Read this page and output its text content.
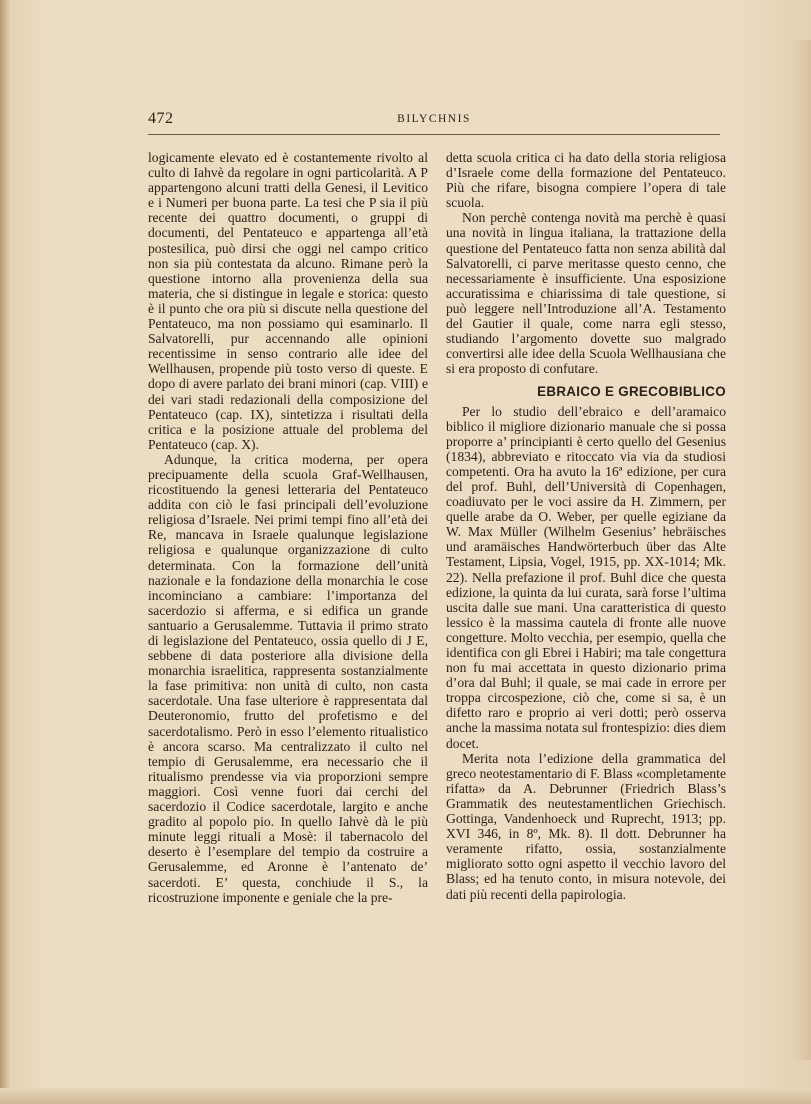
472	BILYCHNIS

logicamente elevato ed è costantemente rivolto al culto di Iahvè da regolare in ogni particolarità. A P appartengono alcuni tratti della Genesi, il Levitico e i Numeri per buona parte. La tesi che P sia il più recente dei quattro documenti, o gruppi di documenti, del Pentateuco e appartenga all’età postesilica, può dirsi che oggi nel campo critico non sia più contestata da alcuno. Rimane però la questione intorno alla provenienza della sua materia, che si distingue in legale e storica: questo è il punto che ora più si discute nella questione del Pentateuco, ma non possiamo qui esaminarlo. Il Salvatorelli, pur accennando alle opinioni recentissime in senso contrario alle idee del Wellhausen, propende più tosto verso di queste. E dopo di avere parlato dei brani minori (cap. VIII) e dei vari stadi redazionali della composizione del Pentateuco (cap. IX), sintetizza i risultati della critica e la posizione attuale del problema del Pentateuco (cap. X).

Adunque, la critica moderna, per opera precipuamente della scuola Graf-Wellhausen, ricostituendo la genesi letteraria del Pentateuco addita con ciò le fasi principali dell’evoluzione religiosa d’Israele. Nei primi tempi fino all’età dei Re, mancava in Israele qualunque legislazione religiosa e qualunque organizzazione di culto determinata. Con la formazione dell’unità nazionale e la fondazione della monarchia le cose incominciano a cambiare: l’importanza del sacerdozio si afferma, e si edifica un grande santuario a Gerusalemme. Tuttavia il primo strato di legislazione del Pentateuco, ossia quello di J E, sebbene di data posteriore alla divisione della monarchia israelitica, rappresenta sostanzialmente la fase primitiva: non unità di culto, non casta sacerdotale. Una fase ulteriore è rappresentata dal Deuteronomio, frutto del profetismo e del sacerdotalismo. Però in esso l’elemento ritualistico è ancora scarso. Ma centralizzato il culto nel tempio di Gerusalemme, era necessario che il ritualismo prendesse via via proporzioni sempre maggiori. Così venne fuori dai cerchi del sacerdozio il Codice sacerdotale, largito e anche gradito al popolo pio. In quello Iahvè dà le più minute leggi rituali a Mosè: il tabernacolo del deserto è l’esemplare del tempio da costruire a Gerusalemme, ed Aronne è l’antenato de’ sacerdoti. E’ questa, conchiude il S., la ricostruzione imponente e geniale che la pre-

detta scuola critica ci ha dato della storia religiosa d’Israele come della formazione del Pentateuco. Più che rifare, bisogna compiere l’opera di tale scuola.

Non perchè contenga novità ma perchè è quasi una novità in lingua italiana, la trattazione della questione del Pentateuco fatta non senza abilità dal Salvatorelli, ci parve meritasse questo cenno, che necessariamente è insufficiente. Una esposizione accuratissima e chiarissima di tale questione, si può leggere nell’Introduzione all’A. Testamento del Gautier il quale, come narra egli stesso, studiando l’argomento dovette suo malgrado convertirsi alle idee della Scuola Wellhausiana che si era proposto di confutare.

EBRAICO E GRECOBIBLICO

Per lo studio dell’ebraico e dell’aramaico biblico il migliore dizionario manuale che si possa proporre a’ principianti è certo quello del Gesenius (1834), abbreviato e ritoccato via via da studiosi competenti. Ora ha avuto la 16ª edizione, per cura del prof. Buhl, dell’Università di Copenhagen, coadiuvato per le voci assire da H. Zimmern, per quelle arabe da O. Weber, per quelle egiziane da W. Max Müller (Wilhelm Gesenius’ hebräisches und aramäisches Handwörterbuch über das Alte Testament, Lipsia, Vogel, 1915, pp. XX-1014; Mk. 22). Nella prefazione il prof. Buhl dice che questa edizione, la quinta da lui curata, sarà forse l’ultima uscita dalle sue mani. Una caratteristica di questo lessico è la massima cautela di fronte alle nuove congetture. Molto vecchia, per esempio, quella che identifica con gli Ebrei i Habiri; ma tale congettura non fu mai accettata in questo dizionario prima d’ora dal Buhl; il quale, se mai cade in errore per troppa circospezione, ciò che, come si sa, è un difetto raro e proprio ai veri dotti; però osserva anche la massima notata sul frontespizio: dies diem docet.

Merita nota l’edizione della grammatica del greco neotestamentario di F. Blass «completamente rifatta» da A. Debrunner (Friedrich Blass’s Grammatik des neutestamentlichen Griechisch. Gottinga, Vandenhoeck und Ruprecht, 1913; pp. XVI 346, in 8º, Mk. 8). Il dott. Debrunner ha veramente rifatto, ossia, sostanzialmente migliorato sotto ogni aspetto il vecchio lavoro del Blass; ed ha tenuto conto, in misura notevole, dei dati più recenti della papirologia.
